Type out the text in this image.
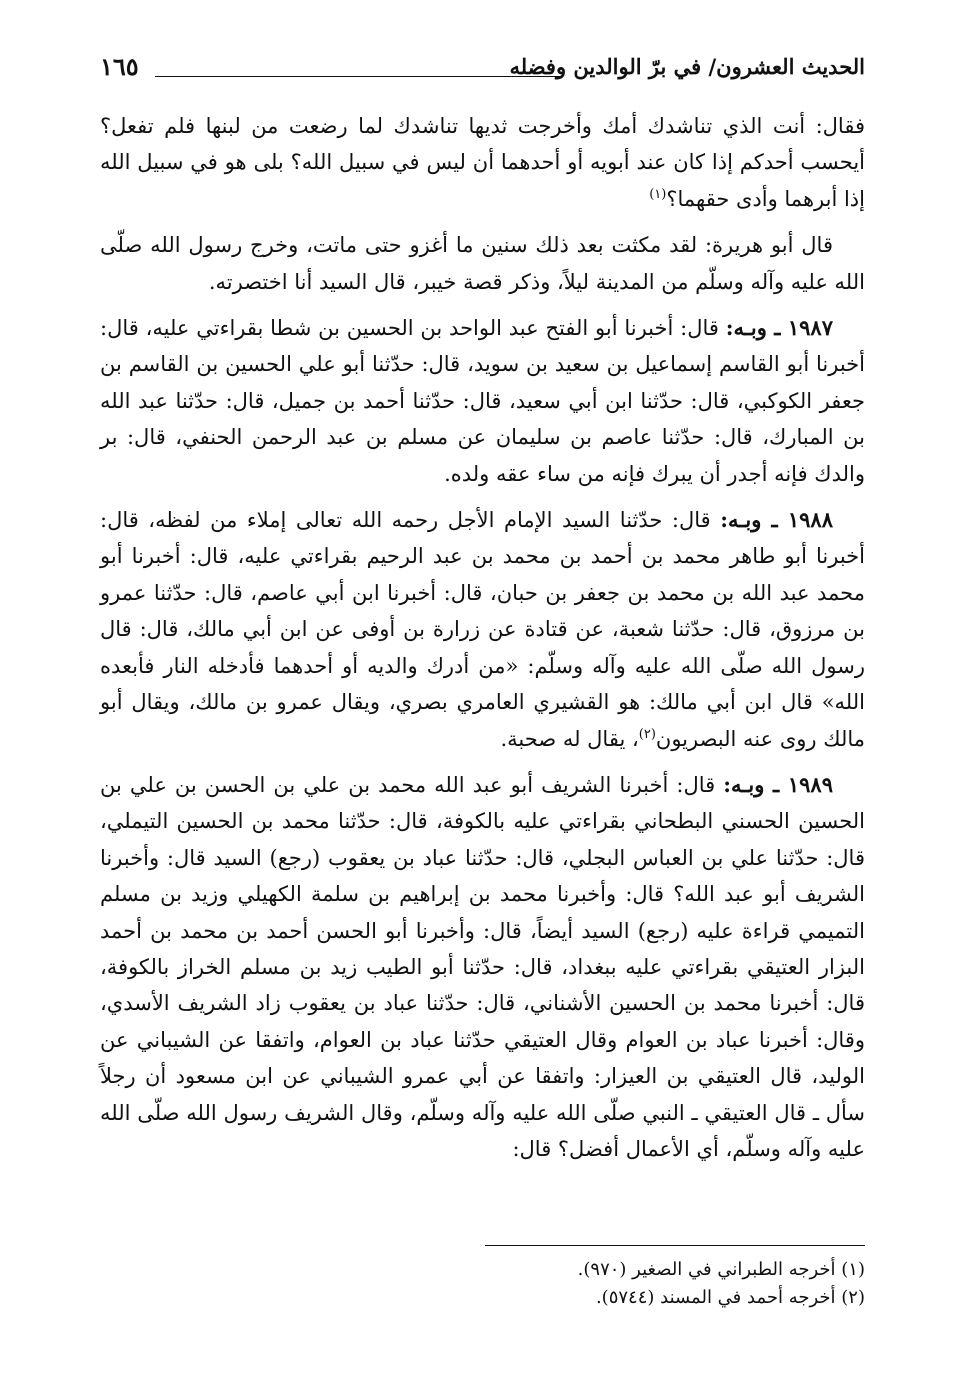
الحديث العشرون/ في برّ الوالدين وفضله
١٦٥

فقال: أنت الذي تناشدك أمك وأخرجت ثديها تناشدك لما رضعت من لبنها فلم تفعل؟ أيحسب أحدكم إذا كان عند أبويه أو أحدهما أن ليس في سبيل الله؟ بلى هو في سبيل الله إذا أبرهما وأدى حقهما؟$^{(١)}$

قال أبو هريرة: لقد مكثت بعد ذلك سنين ما أغزو حتى ماتت، وخرج رسول الله صلّى الله عليه وآله وسلّم من المدينة ليلاً، وذكر قصة خيبر، قال السيد أنا اختصرته.

١٩٨٧ ـ وبـه: قال: أخبرنا أبو الفتح عبد الواحد بن الحسين بن شطا بقراءتي عليه، قال: أخبرنا أبو القاسم إسماعيل بن سعيد بن سويد، قال: حدّثنا أبو علي الحسين بن القاسم بن جعفر الكوكبي، قال: حدّثنا ابن أبي سعيد، قال: حدّثنا أحمد بن جميل، قال: حدّثنا عبد الله بن المبارك، قال: حدّثنا عاصم بن سليمان عن مسلم بن عبد الرحمن الحنفي، قال: بر والدك فإنه أجدر أن يبرك فإنه من ساء عقه ولده.

١٩٨٨ ـ وبـه: قال: حدّثنا السيد الإمام الأجل رحمه الله تعالى إملاء من لفظه، قال: أخبرنا أبو طاهر محمد بن أحمد بن محمد بن عبد الرحيم بقراءتي عليه، قال: أخبرنا أبو محمد عبد الله بن محمد بن جعفر بن حبان، قال: أخبرنا ابن أبي عاصم، قال: حدّثنا عمرو بن مرزوق، قال: حدّثنا شعبة، عن قتادة عن زرارة بن أوفى عن ابن أبي مالك، قال: قال رسول الله صلّى الله عليه وآله وسلّم: «من أدرك والديه أو أحدهما فأدخله النار فأبعده الله» قال ابن أبي مالك: هو القشيري العامري بصري، ويقال عمرو بن مالك، ويقال أبو مالك روى عنه البصريون$^{(٢)}$، يقال له صحبة.

١٩٨٩ ـ وبـه: قال: أخبرنا الشريف أبو عبد الله محمد بن علي بن الحسن بن علي بن الحسين الحسني البطحاني بقراءتي عليه بالكوفة، قال: حدّثنا محمد بن الحسين التيملي، قال: حدّثنا علي بن العباس البجلي، قال: حدّثنا عباد بن يعقوب (رجع) السيد قال: وأخبرنا الشريف أبو عبد الله؟ قال: وأخبرنا محمد بن إبراهيم بن سلمة الكهيلي وزيد بن مسلم التميمي قراءة عليه (رجع) السيد أيضاً، قال: وأخبرنا أبو الحسن أحمد بن محمد بن أحمد البزار العتيقي بقراءتي عليه ببغداد، قال: حدّثنا أبو الطيب زيد بن مسلم الخراز بالكوفة، قال: أخبرنا محمد بن الحسين الأشناني، قال: حدّثنا عباد بن يعقوب زاد الشريف الأسدي، وقال: أخبرنا عباد بن العوام وقال العتيقي حدّثنا عباد بن العوام، واتفقا عن الشيباني عن الوليد، قال العتيقي بن العيزار: واتفقا عن أبي عمرو الشيباني عن ابن مسعود أن رجلاً سأل ـ قال العتيقي ـ النبي صلّى الله عليه وآله وسلّم، وقال الشريف رسول الله صلّى الله عليه وآله وسلّم، أي الأعمال أفضل؟ قال:

(١) أخرجه الطبراني في الصغير (٩٧٠).

(٢) أخرجه أحمد في المسند (٥٧٤٤).
